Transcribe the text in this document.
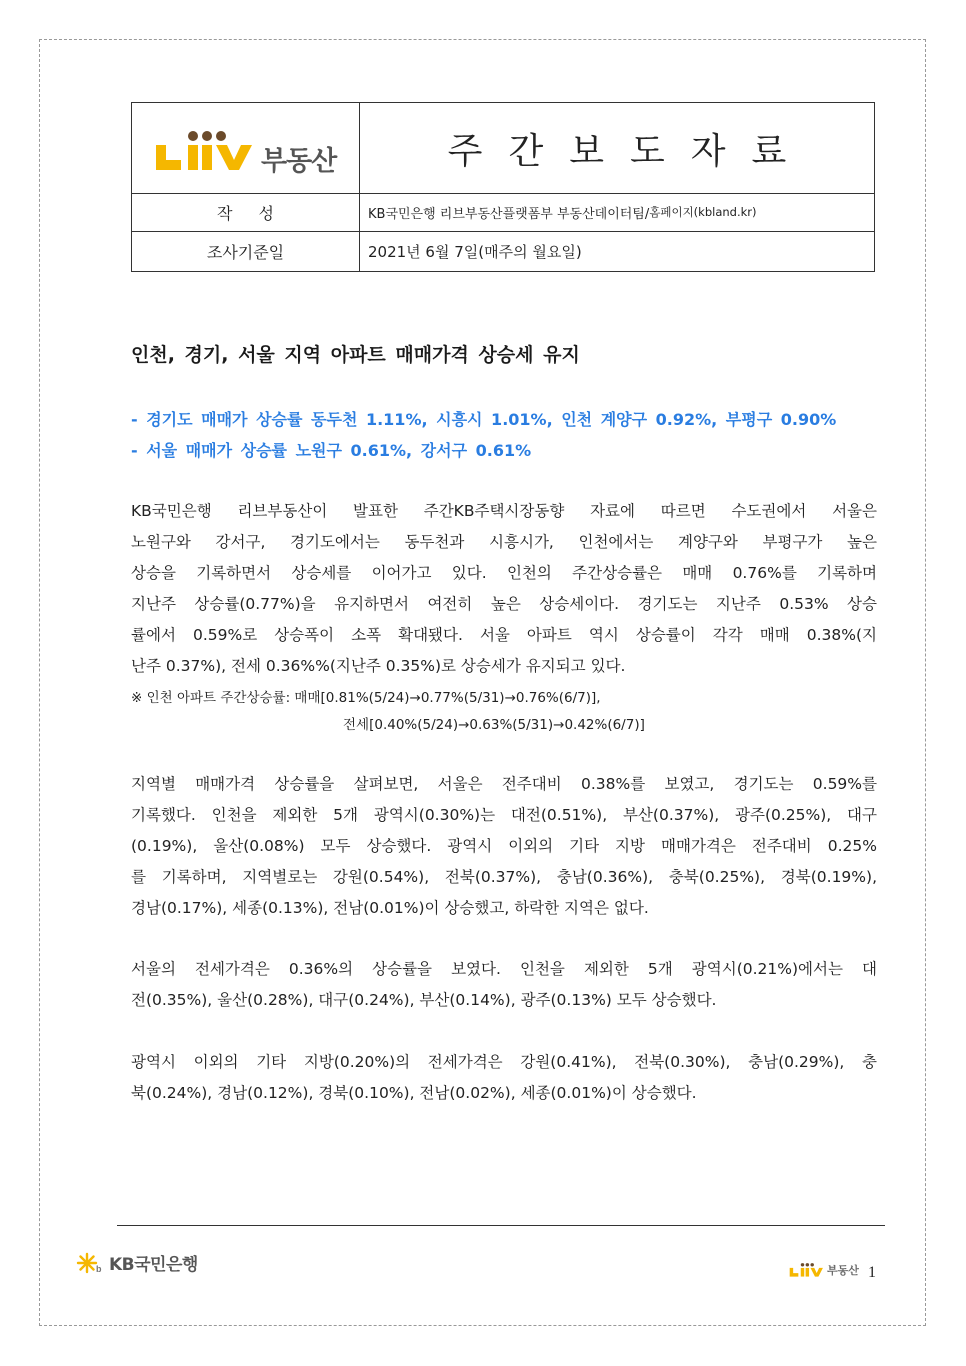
부동산	주간보도자료
작성	KB국민은행 리브부동산플랫폼부 부동산데이터팀/ 홈페이지(kbland.kr)
조사기준일	2021년 6월 7일(매주의 월요일)
인천, 경기, 서울 지역 아파트 매매가격 상승세 유지
- 경기도 매매가 상승률 동두천 1.11%, 시흥시 1.01%, 인천 계양구 0.92%, 부평구 0.90%
- 서울 매매가 상승률 노원구 0.61%, 강서구 0.61%
KB국민은행 리브부동산이 발표한 주간KB주택시장동향 자료에 따르면 수도권에서 서울은
노원구와 강서구, 경기도에서는 동두천과 시흥시가, 인천에서는 계양구와 부평구가 높은
상승을 기록하면서 상승세를 이어가고 있다. 인천의 주간상승률은 매매 0.76%를 기록하며
지난주 상승률(0.77%)을 유지하면서 여전히 높은 상승세이다. 경기도는 지난주 0.53% 상승
률에서 0.59%로 상승폭이 소폭 확대됐다. 서울 아파트 역시 상승률이 각각 매매 0.38%(지
난주 0.37%), 전세 0.36%%(지난주 0.35%)로 상승세가 유지되고 있다.
※ 인천 아파트 주간상승률: 매매[0.81%(5/24)→0.77%(5/31)→0.76%(6/7)],
전세[0.40%(5/24)→0.63%(5/31)→0.42%(6/7)]
지역별 매매가격 상승률을 살펴보면, 서울은 전주대비 0.38%를 보였고, 경기도는 0.59%를
기록했다. 인천을 제외한 5개 광역시(0.30%)는 대전(0.51%), 부산(0.37%), 광주(0.25%), 대구
(0.19%), 울산(0.08%) 모두 상승했다. 광역시 이외의 기타 지방 매매가격은 전주대비 0.25%
를 기록하며, 지역별로는 강원(0.54%), 전북(0.37%), 충남(0.36%), 충북(0.25%), 경북(0.19%),
경남(0.17%), 세종(0.13%), 전남(0.01%)이 상승했고, 하락한 지역은 없다.
서울의 전세가격은 0.36%의 상승률을 보였다. 인천을 제외한 5개 광역시(0.21%)에서는 대
전(0.35%), 울산(0.28%), 대구(0.24%), 부산(0.14%), 광주(0.13%) 모두 상승했다.
광역시 이외의 기타 지방(0.20%)의 전세가격은 강원(0.41%), 전북(0.30%), 충남(0.29%), 충
북(0.24%), 경남(0.12%), 경북(0.10%), 전남(0.02%), 세종(0.01%)이 상승했다.
b KB국민은행	부동산 1
